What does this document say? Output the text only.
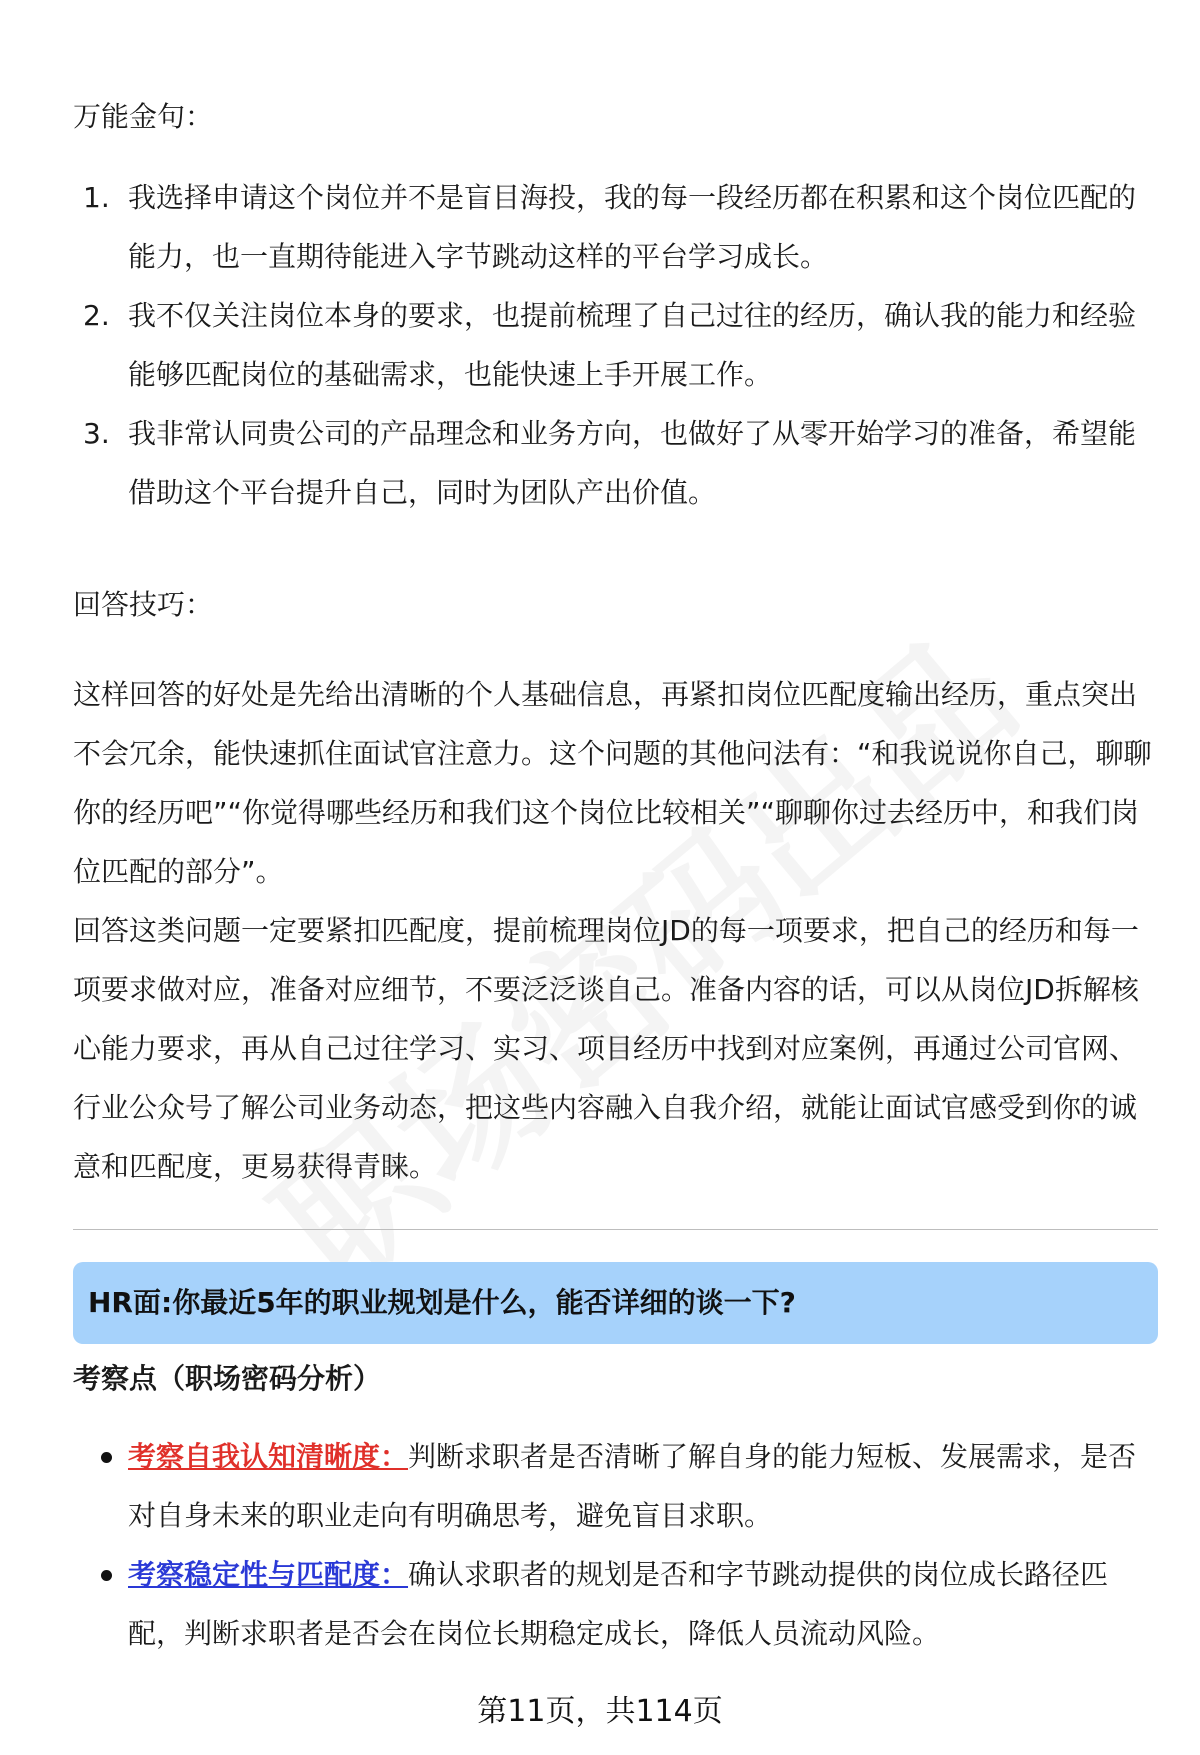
万能金句：
1. 我选择申请这个岗位并不是盲目海投，我的每一段经历都在积累和这个岗位匹配的能力，也一直期待能进入字节跳动这样的平台学习成长。
2. 我不仅关注岗位本身的要求，也提前梳理了自己过往的经历，确认我的能力和经验能够匹配岗位的基础需求，也能快速上手开展工作。
3. 我非常认同贵公司的产品理念和业务方向，也做好了从零开始学习的准备，希望能借助这个平台提升自己，同时为团队产出价值。
回答技巧：
这样回答的好处是先给出清晰的个人基础信息，再紧扣岗位匹配度输出经历，重点突出不会冗余，能快速抓住面试官注意力。这个问题的其他问法有：“和我说说你自己，聊聊你的经历吧”“你觉得哪些经历和我们这个岗位比较相关”“聊聊你过去经历中，和我们岗位匹配的部分”。
回答这类问题一定要紧扣匹配度，提前梳理岗位JD的每一项要求，把自己的经历和每一项要求做对应，准备对应细节，不要泛泛谈自己。准备内容的话，可以从岗位JD拆解核心能力要求，再从自己过往学习、实习、项目经历中找到对应案例，再通过公司官网、行业公众号了解公司业务动态，把这些内容融入自我介绍，就能让面试官感受到你的诚意和匹配度，更易获得青睐。
HR面:你最近5年的职业规划是什么，能否详细的谈一下?
考察点（职场密码分析）
考察自我认知清晰度：判断求职者是否清晰了解自身的能力短板、发展需求，是否对自身未来的职业走向有明确思考，避免盲目求职。
考察稳定性与匹配度：确认求职者的规划是否和字节跳动提供的岗位成长路径匹配，判断求职者是否会在岗位长期稳定成长，降低人员流动风险。
第11页，共114页
